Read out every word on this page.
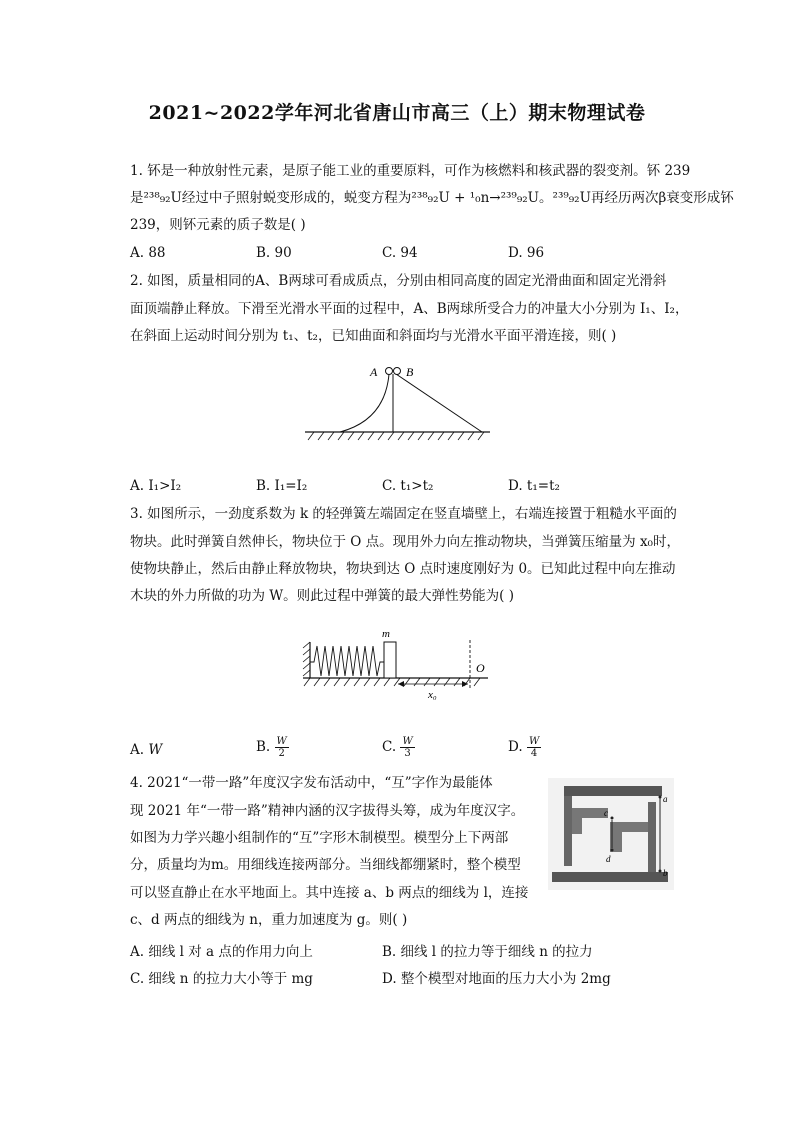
2021~2022学年河北省唐山市高三（上）期末物理试卷
1. 钚是一种放射性元素，是原子能工业的重要原料，可作为核燃料和核武器的裂变剂。钚 239
是²³⁸₉₂U经过中子照射蜕变形成的，蜕变方程为²³⁸₉₂U + ¹₀n→²³⁹₉₂U。²³⁹₉₂U再经历两次β衰变形成钚
239，则钚元素的质子数是( )
A. 88	B. 90	C. 94	D. 96
2. 如图，质量相同的A、B两球可看成质点，分别由相同高度的固定光滑曲面和固定光滑斜
面顶端静止释放。下滑至光滑水平面的过程中，A、B两球所受合力的冲量大小分别为 I₁、I₂，
在斜面上运动时间分别为 t₁、t₂，已知曲面和斜面均与光滑水平面平滑连接，则( )
A B
A. I₁>I₂	B. I₁=I₂	C. t₁>t₂	D. t₁=t₂
3. 如图所示，一劲度系数为 k 的轻弹簧左端固定在竖直墙壁上，右端连接置于粗糙水平面的
物块。此时弹簧自然伸长，物块位于 O 点。现用外力向左推动物块，当弹簧压缩量为 x₀时，
使物块静止，然后由静止释放物块，物块到达 O 点时速度刚好为 0。已知此过程中向左推动
木块的外力所做的功为 W。则此过程中弹簧的最大弹性势能为( )
m
O
x₀
A. W	B. $\frac{W}{2}$	C. $\frac{W}{3}$	D. $\frac{W}{4}$
4. 2021“一带一路”年度汉字发布活动中，“互”字作为最能体
现 2021 年“一带一路”精神内涵的汉字拔得头筹，成为年度汉字。
如图为力学兴趣小组制作的“互”字形木制模型。模型分上下两部
分，质量均为m。用细线连接两部分。当细线都绷紧时，整个模型
可以竖直静止在水平地面上。其中连接 a、b 两点的细线为 l，连接
c、d 两点的细线为 n，重力加速度为 g。则( )
a
b
c
d
A. 细线 l 对 a 点的作用力向上	B. 细线 l 的拉力等于细线 n 的拉力
C. 细线 n 的拉力大小等于 mg	D. 整个模型对地面的压力大小为 2mg
